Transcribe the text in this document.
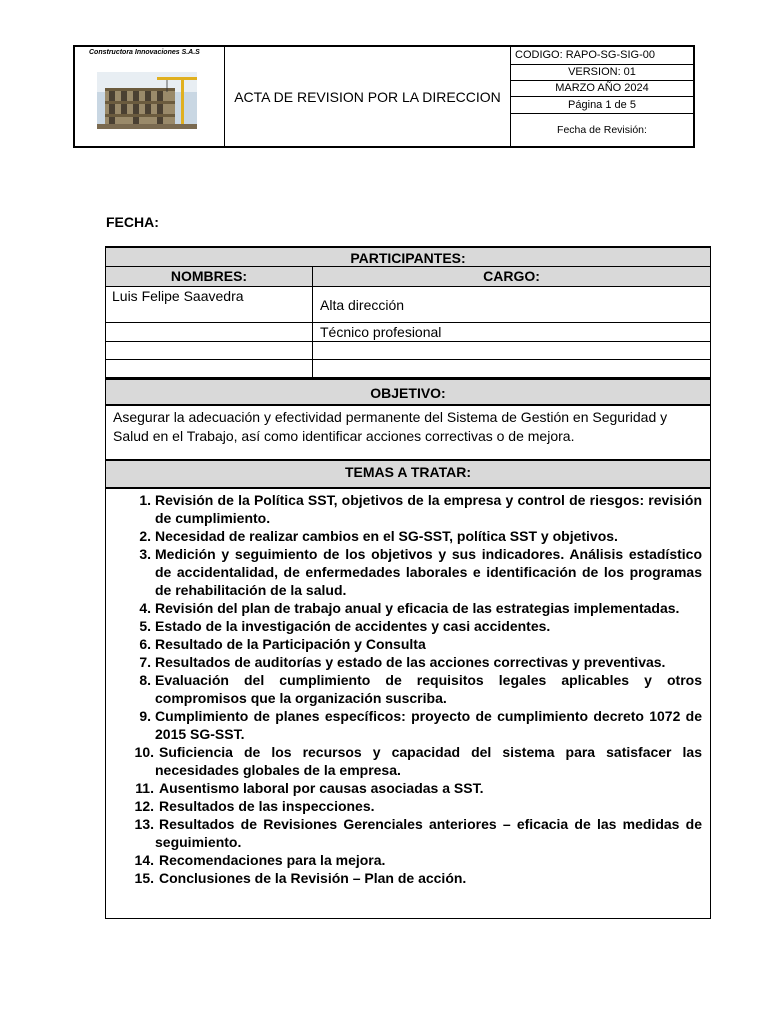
Constructora Innovaciones S.A.S
ACTA DE REVISION POR LA DIRECCION
CODIGO: RAPO-SG-SIG-00
VERSION: 01
MARZO AÑO 2024
Página 1 de 5
Fecha de Revisión:
FECHA:
PARTICIPANTES:
NOMBRES:	CARGO:
Luis Felipe Saavedra
Alta dirección
Técnico profesional
OBJETIVO:
Asegurar la adecuación y efectividad permanente del Sistema de Gestión en Seguridad y Salud en el Trabajo, así como identificar acciones correctivas o de mejora.
TEMAS A TRATAR:
1. Revisión de la Política SST, objetivos de la empresa y control de riesgos: revisión de cumplimiento.
2. Necesidad de realizar cambios en el SG-SST, política SST y objetivos.
3. Medición y seguimiento de los objetivos y sus indicadores. Análisis estadístico de accidentalidad, de enfermedades laborales e identificación de los programas de rehabilitación de la salud.
4. Revisión del plan de trabajo anual y eficacia de las estrategias implementadas.
5. Estado de la investigación de accidentes y casi accidentes.
6. Resultado de la Participación y Consulta
7. Resultados de auditorías y estado de las acciones correctivas y preventivas.
8. Evaluación del cumplimiento de requisitos legales aplicables y otros compromisos que la organización suscriba.
9. Cumplimiento de planes específicos: proyecto de cumplimiento decreto 1072 de 2015 SG-SST.
10. Suficiencia de los recursos y capacidad del sistema para satisfacer las necesidades globales de la empresa.
11. Ausentismo laboral por causas asociadas a SST.
12. Resultados de las inspecciones.
13. Resultados de Revisiones Gerenciales anteriores – eficacia de las medidas de seguimiento.
14. Recomendaciones para la mejora.
15. Conclusiones de la Revisión – Plan de acción.
